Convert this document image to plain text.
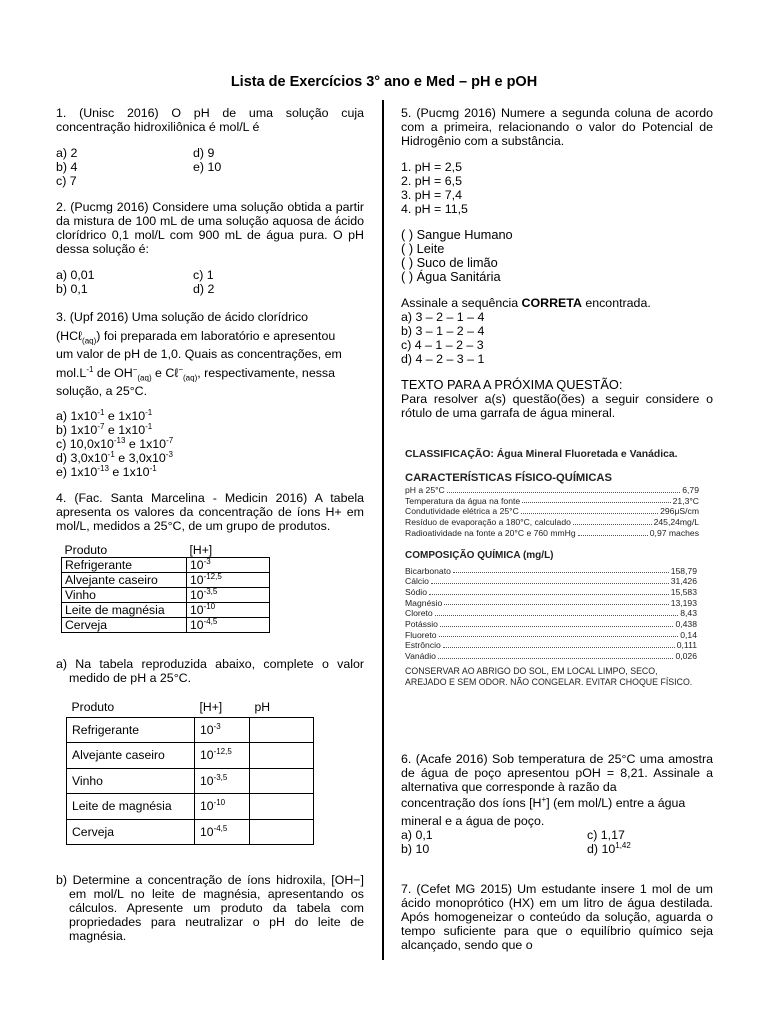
Lista de Exercícios 3° ano e Med – pH e pOH

1. (Unisc 2016) O pH de uma solução cuja concentração hidroxiliônica é mol/L é

a) 2	d) 9
b) 4	e) 10
c) 7

2. (Pucmg 2016) Considere uma solução obtida a partir da mistura de 100 mL de uma solução aquosa de ácido clorídrico 0,1 mol/L com 900 mL de água pura. O pH dessa solução é:

a) 0,01	c) 1
b) 0,1	d) 2

3. (Upf 2016) Uma solução de ácido clorídrico

(HCℓ$_{(aq)}$) foi preparada em laboratório e apresentou

um valor de pH de 1,0. Quais as concentrações, em

$mol.L^{-1}$ de $OH^-_{(aq)}$ e Cℓ−$_{(aq)}$, respectivamente, nessa

solução, a 25°C.

a) $1x10^{-1}$ e $1x10^{-1}$

b) $1x10^{-7}$ e $1x10^{-1}$

c) $10,0x10^{-13}$ e $1x10^{-7}$

d) $3,0x10^{-1}$ e $3,0x10^{-3}$

e) $1x10^{-13}$ e $1x10^{-1}$

4. (Fac. Santa Marcelina - Medicin 2016) A tabela apresenta os valores da concentração de íons H+ em mol/L, medidos a 25°C, de um grupo de produtos.

Produto	[H+]
Refrigerante	$10^{-3}$
Alvejante caseiro	$10^{-12,5}$
Vinho	$10^{-3,5}$
Leite de magnésia	$10^{-10}$
Cerveja	$10^{-4,5}$

a) Na tabela reproduzida abaixo, complete o valor medido de pH a 25°C.

Produto	[H+]	pH
Refrigerante	$10^{-3}$	
Alvejante caseiro	$10^{-12,5}$	
Vinho	$10^{-3,5}$	
Leite de magnésia	$10^{-10}$	
Cerveja	$10^{-4,5}$	

b) Determine a concentração de íons hidroxila, [OH−] em mol/L no leite de magnésia, apresentando os cálculos. Apresente um produto da tabela com propriedades para neutralizar o pH do leite de magnésia.

5. (Pucmg 2016) Numere a segunda coluna de acordo com a primeira, relacionando o valor do Potencial de Hidrogênio com a substância.

1. pH = 2,5

2. pH = 6,5

3. pH = 7,4

4. pH = 11,5

( ) Sangue Humano

( ) Leite

( ) Suco de limão

( ) Água Sanitária

Assinale a sequência CORRETA encontrada.

a) 3 – 2 – 1 – 4

b) 3 – 1 – 2 – 4

c) 4 – 1 – 2 – 3

d) 4 – 2 – 3 – 1

TEXTO PARA A PRÓXIMA QUESTÃO:

Para resolver a(s) questão(ões) a seguir considere o rótulo de uma garrafa de água mineral.

CLASSIFICAÇÃO: Água Mineral Fluoretada e Vanádica.

CARACTERÍSTICAS FÍSICO-QUÍMICAS

pH a 25°C	6,79
Temperatura da água na fonte	21,3°C
Condutividade elétrica a 25°C	296μS/cm
Resíduo de evaporação a 180°C, calculado	245,24mg/L
Radioatividade na fonte a 20°C e 760 mmHg	0,97 maches

COMPOSIÇÃO QUÍMICA (mg/L)

Bicarbonato	158,79
Cálcio	31,426
Sódio	15,583
Magnésio	13,193
Cloreto	8,43
Potássio	0,438
Fluoreto	0,14
Estrôncio	0,111
Vanádio	0,026

CONSERVAR AO ABRIGO DO SOL, EM LOCAL LIMPO, SECO, AREJADO E SEM ODOR. NÃO CONGELAR. EVITAR CHOQUE FÍSICO.

6. (Acafe 2016) Sob temperatura de 25°C uma amostra de água de poço apresentou pOH = 8,21. Assinale a alternativa que corresponde à razão da

concentração dos íons [H+] (em mol/L) entre a água

mineral e a água de poço.

a) 0,1	c) 1,17
b) 10	d) 10$^{1,42}$

7. (Cefet MG 2015) Um estudante insere 1 mol de um ácido monoprótico (HX) em um litro de água destilada. Após homogeneizar o conteúdo da solução, aguarda o tempo suficiente para que o equilíbrio químico seja alcançado, sendo que o
